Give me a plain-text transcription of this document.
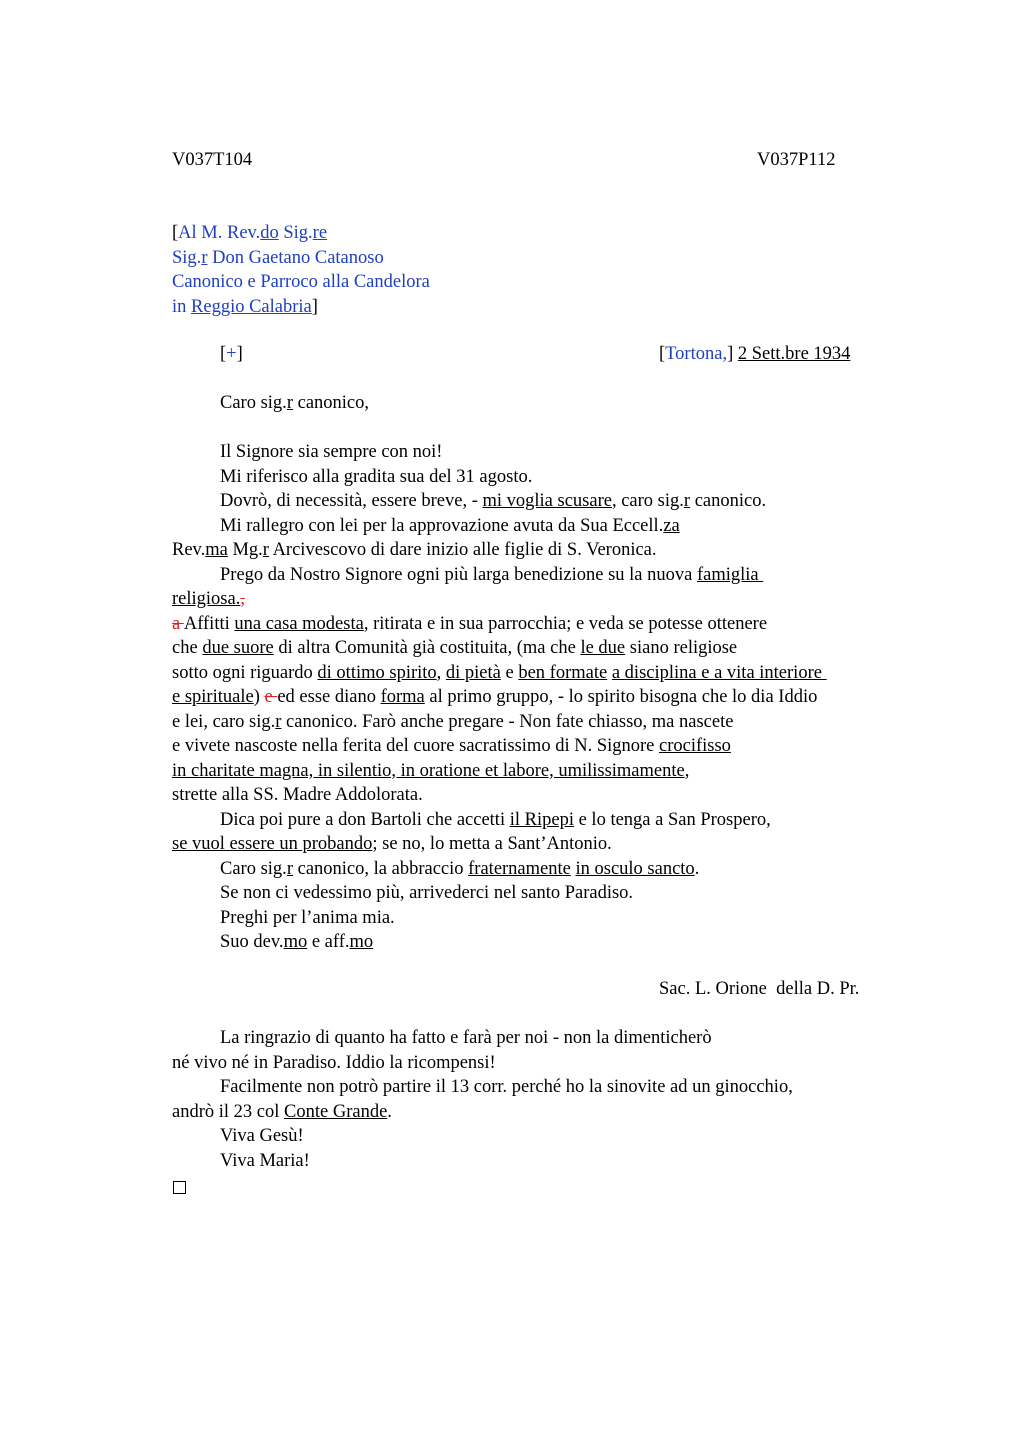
V037T104	V037P112
[Al M. Rev.do Sig.re
Sig.r Don Gaetano Catanoso
Canonico e Parroco alla Candelora
in Reggio Calabria]
[+]	[Tortona,] 2 Sett.bre 1934
Caro sig.r canonico,
Il Signore sia sempre con noi!
Mi riferisco alla gradita sua del 31 agosto.
Dovrò, di necessità, essere breve, - mi voglia scusare, caro sig.r canonico.
Mi rallegro con lei per la approvazione avuta da Sua Eccell.za
Rev.ma Mg.r Arcivescovo di dare inizio alle figlie di S. Veronica.
Prego da Nostro Signore ogni più larga benedizione su la nuova famiglia
religiosa.,
a Affitti una casa modesta, ritirata e in sua parrocchia; e veda se potesse ottenere
che due suore di altra Comunità già costituita, (ma che le due siano religiose
sotto ogni riguardo di ottimo spirito, di pietà e ben formate a disciplina e a vita interiore
e spirituale) e ed esse diano forma al primo gruppo, - lo spirito bisogna che lo dia Iddio
e lei, caro sig.r canonico. Farò anche pregare - Non fate chiasso, ma nascete
e vivete nascoste nella ferita del cuore sacratissimo di N. Signore crocifisso
in charitate magna, in silentio, in oratione et labore, umilissimamente,
strette alla SS. Madre Addolorata.
Dica poi pure a don Bartoli che accetti il Ripepi e lo tenga a San Prospero,
se vuol essere un probando; se no, lo metta a Sant’Antonio.
Caro sig.r canonico, la abbraccio fraternamente in osculo sancto.
Se non ci vedessimo più, arrivederci nel santo Paradiso.
Preghi per l’anima mia.
Suo dev.mo e aff.mo
Sac. L. Orione  della D. Pr.
La ringrazio di quanto ha fatto e farà per noi - non la dimenticherò
né vivo né in Paradiso. Iddio la ricompensi!
Facilmente non potrò partire il 13 corr. perché ho la sinovite ad un ginocchio,
andrò il 23 col Conte Grande.
Viva Gesù!
Viva Maria!
